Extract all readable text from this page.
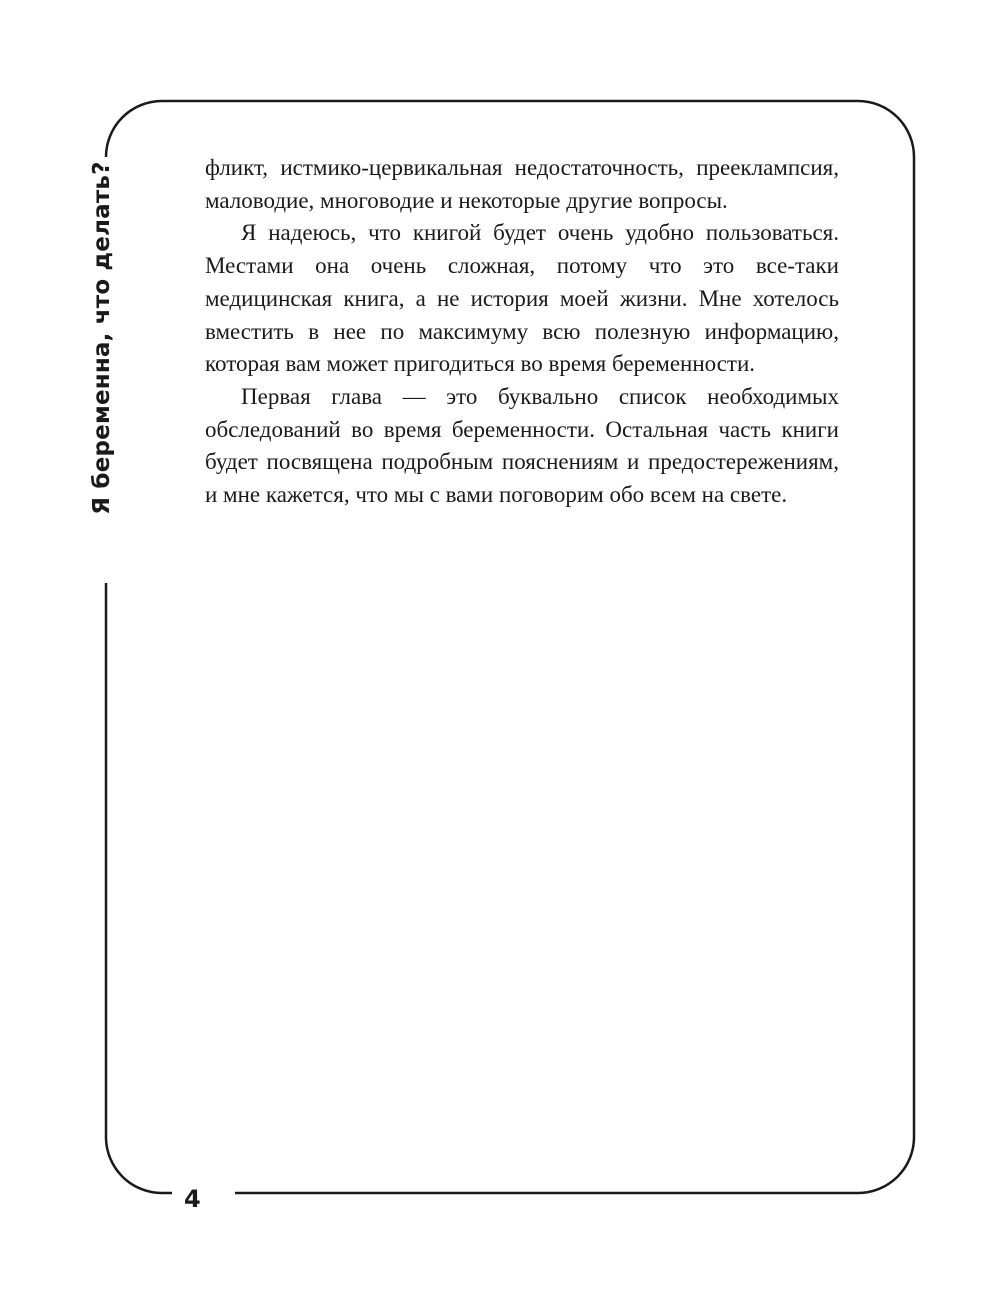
Я беременна, что делать?	фликт, истмико-цервикальная недостаточность, прееклампсия, маловодие, многоводие и некоторые другие вопросы.

Я надеюсь, что книгой будет очень удобно пользоваться. Местами она очень сложная, потому что это все-таки медицинская книга, а не история моей жизни. Мне хотелось вместить в нее по максимуму всю полезную информацию, которая вам может пригодиться во время беременности.

Первая глава — это буквально список необходимых обследований во время беременности. Остальная часть книги будет посвящена подробным пояснениям и предостережениям, и мне кажется, что мы с вами поговорим обо всем на свете.

4
